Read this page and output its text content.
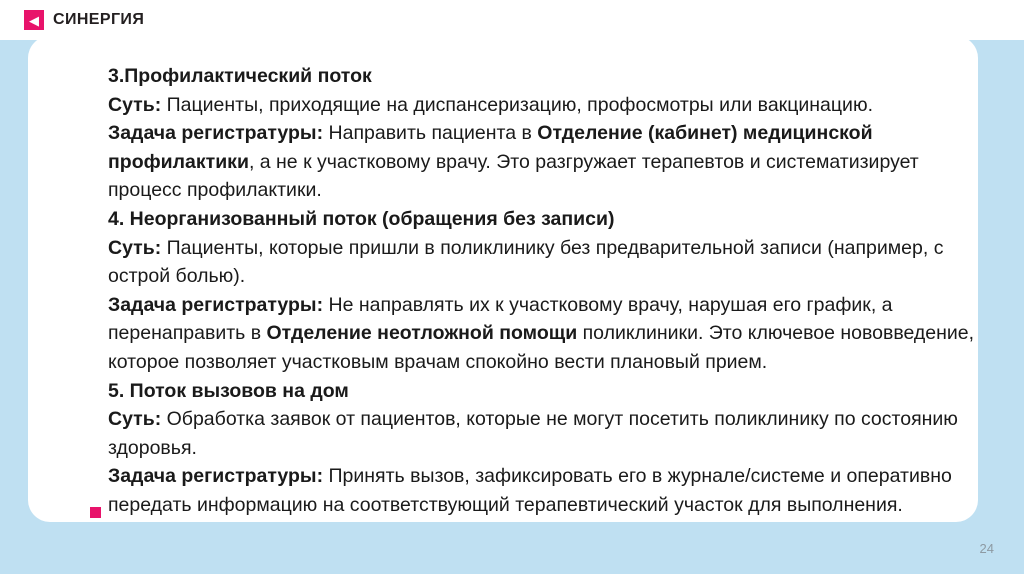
◀ СИНЕРГИЯ

3.Профилактический поток

Суть: Пациенты, приходящие на диспансеризацию, профосмотры или вакцинацию.

Задача регистратуры: Направить пациента в Отделение (кабинет) медицинской профилактики, а не к участковому врачу. Это разгружает терапевтов и систематизирует процесс профилактики.

4. Неорганизованный поток (обращения без записи)

Суть: Пациенты, которые пришли в поликлинику без предварительной записи (например, с острой болью).

Задача регистратуры: Не направлять их к участковому врачу, нарушая его график, а перенаправить в Отделение неотложной помощи поликлиники. Это ключевое нововведение, которое позволяет участковым врачам спокойно вести плановый прием.

5. Поток вызовов на дом

Суть: Обработка заявок от пациентов, которые не могут посетить поликлинику по состоянию здоровья.

Задача регистратуры: Принять вызов, зафиксировать его в журнале/системе и оперативно передать информацию на соответствующий терапевтический участок для выполнения.

24
